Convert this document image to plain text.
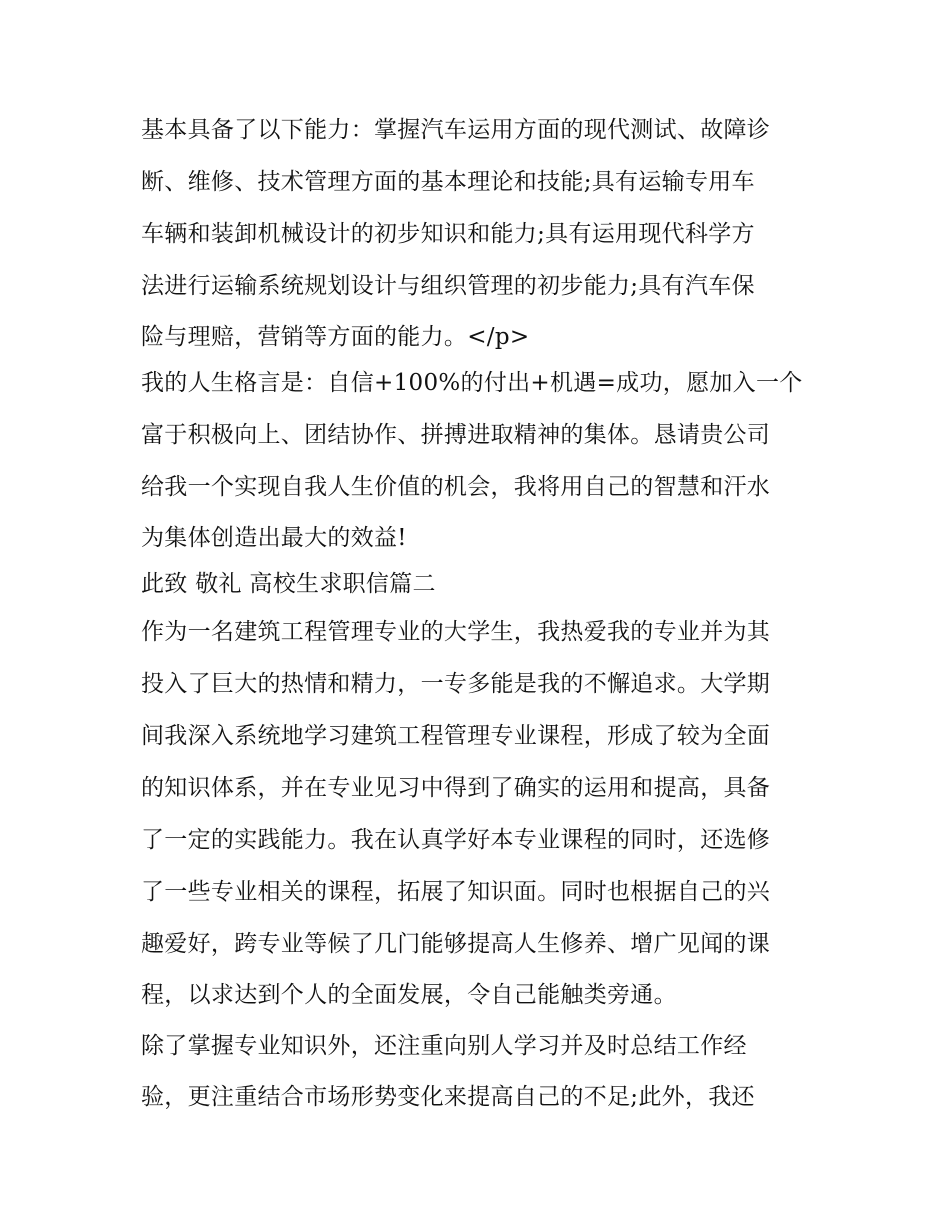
基本具备了以下能力：掌握汽车运用方面的现代测试、故障诊
断、维修、技术管理方面的基本理论和技能;具有运输专用车
车辆和装卸机械设计的初步知识和能力;具有运用现代科学方
法进行运输系统规划设计与组织管理的初步能力;具有汽车保
险与理赔，营销等方面的能力。</p>
我的人生格言是：自信+100%的付出+机遇=成功，愿加入一个
富于积极向上、团结协作、拼搏进取精神的集体。恳请贵公司
给我一个实现自我人生价值的机会，我将用自己的智慧和汗水
为集体创造出最大的效益!
此致 敬礼 高校生求职信篇二
作为一名建筑工程管理专业的大学生，我热爱我的专业并为其
投入了巨大的热情和精力，一专多能是我的不懈追求。大学期
间我深入系统地学习建筑工程管理专业课程，形成了较为全面
的知识体系，并在专业见习中得到了确实的运用和提高，具备
了一定的实践能力。我在认真学好本专业课程的同时，还选修
了一些专业相关的课程，拓展了知识面。同时也根据自己的兴
趣爱好，跨专业等候了几门能够提高人生修养、增广见闻的课
程，以求达到个人的全面发展，令自己能触类旁通。
除了掌握专业知识外，还注重向别人学习并及时总结工作经
验，更注重结合市场形势变化来提高自己的不足;此外，我还
